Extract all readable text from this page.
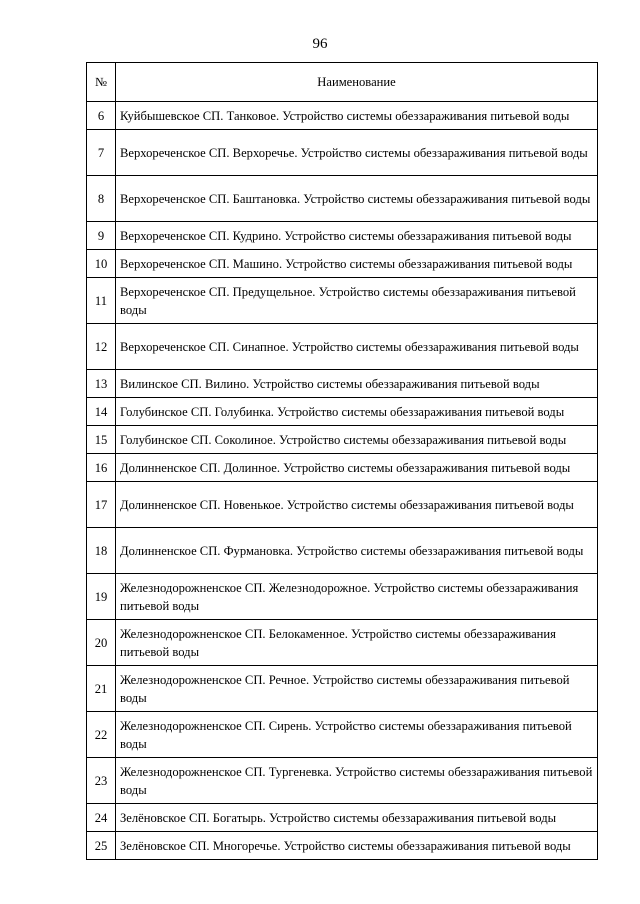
96
№	Наименование
6	Куйбышевское СП. Танковое. Устройство системы обеззараживания питьевой воды
7	Верхореченское СП. Верхоречье. Устройство системы обеззараживания питьевой воды
8	Верхореченское СП. Баштановка. Устройство системы обеззараживания питьевой воды
9	Верхореченское СП. Кудрино. Устройство системы обеззараживания питьевой воды
10	Верхореченское СП. Машино. Устройство системы обеззараживания питьевой воды
11	Верхореченское СП. Предущельное. Устройство системы обеззараживания питьевой воды
12	Верхореченское СП. Синапное. Устройство системы обеззараживания питьевой воды
13	Вилинское СП. Вилино. Устройство системы обеззараживания питьевой воды
14	Голубинское СП. Голубинка. Устройство системы обеззараживания питьевой воды
15	Голубинское СП. Соколиное. Устройство системы обеззараживания питьевой воды
16	Долинненское СП. Долинное. Устройство системы обеззараживания питьевой воды
17	Долинненское СП. Новенькое. Устройство системы обеззараживания питьевой воды
18	Долинненское СП. Фурмановка. Устройство системы обеззараживания питьевой воды
19	Железнодорожненское СП. Железнодорожное. Устройство системы обеззараживания питьевой воды
20	Железнодорожненское СП. Белокаменное. Устройство системы обеззараживания питьевой воды
21	Железнодорожненское СП. Речное. Устройство системы обеззараживания питьевой воды
22	Железнодорожненское СП. Сирень. Устройство системы обеззараживания питьевой воды
23	Железнодорожненское СП. Тургеневка. Устройство системы обеззараживания питьевой воды
24	Зелёновское СП. Богатырь. Устройство системы обеззараживания питьевой воды
25	Зелёновское СП. Многоречье. Устройство системы обеззараживания питьевой воды
